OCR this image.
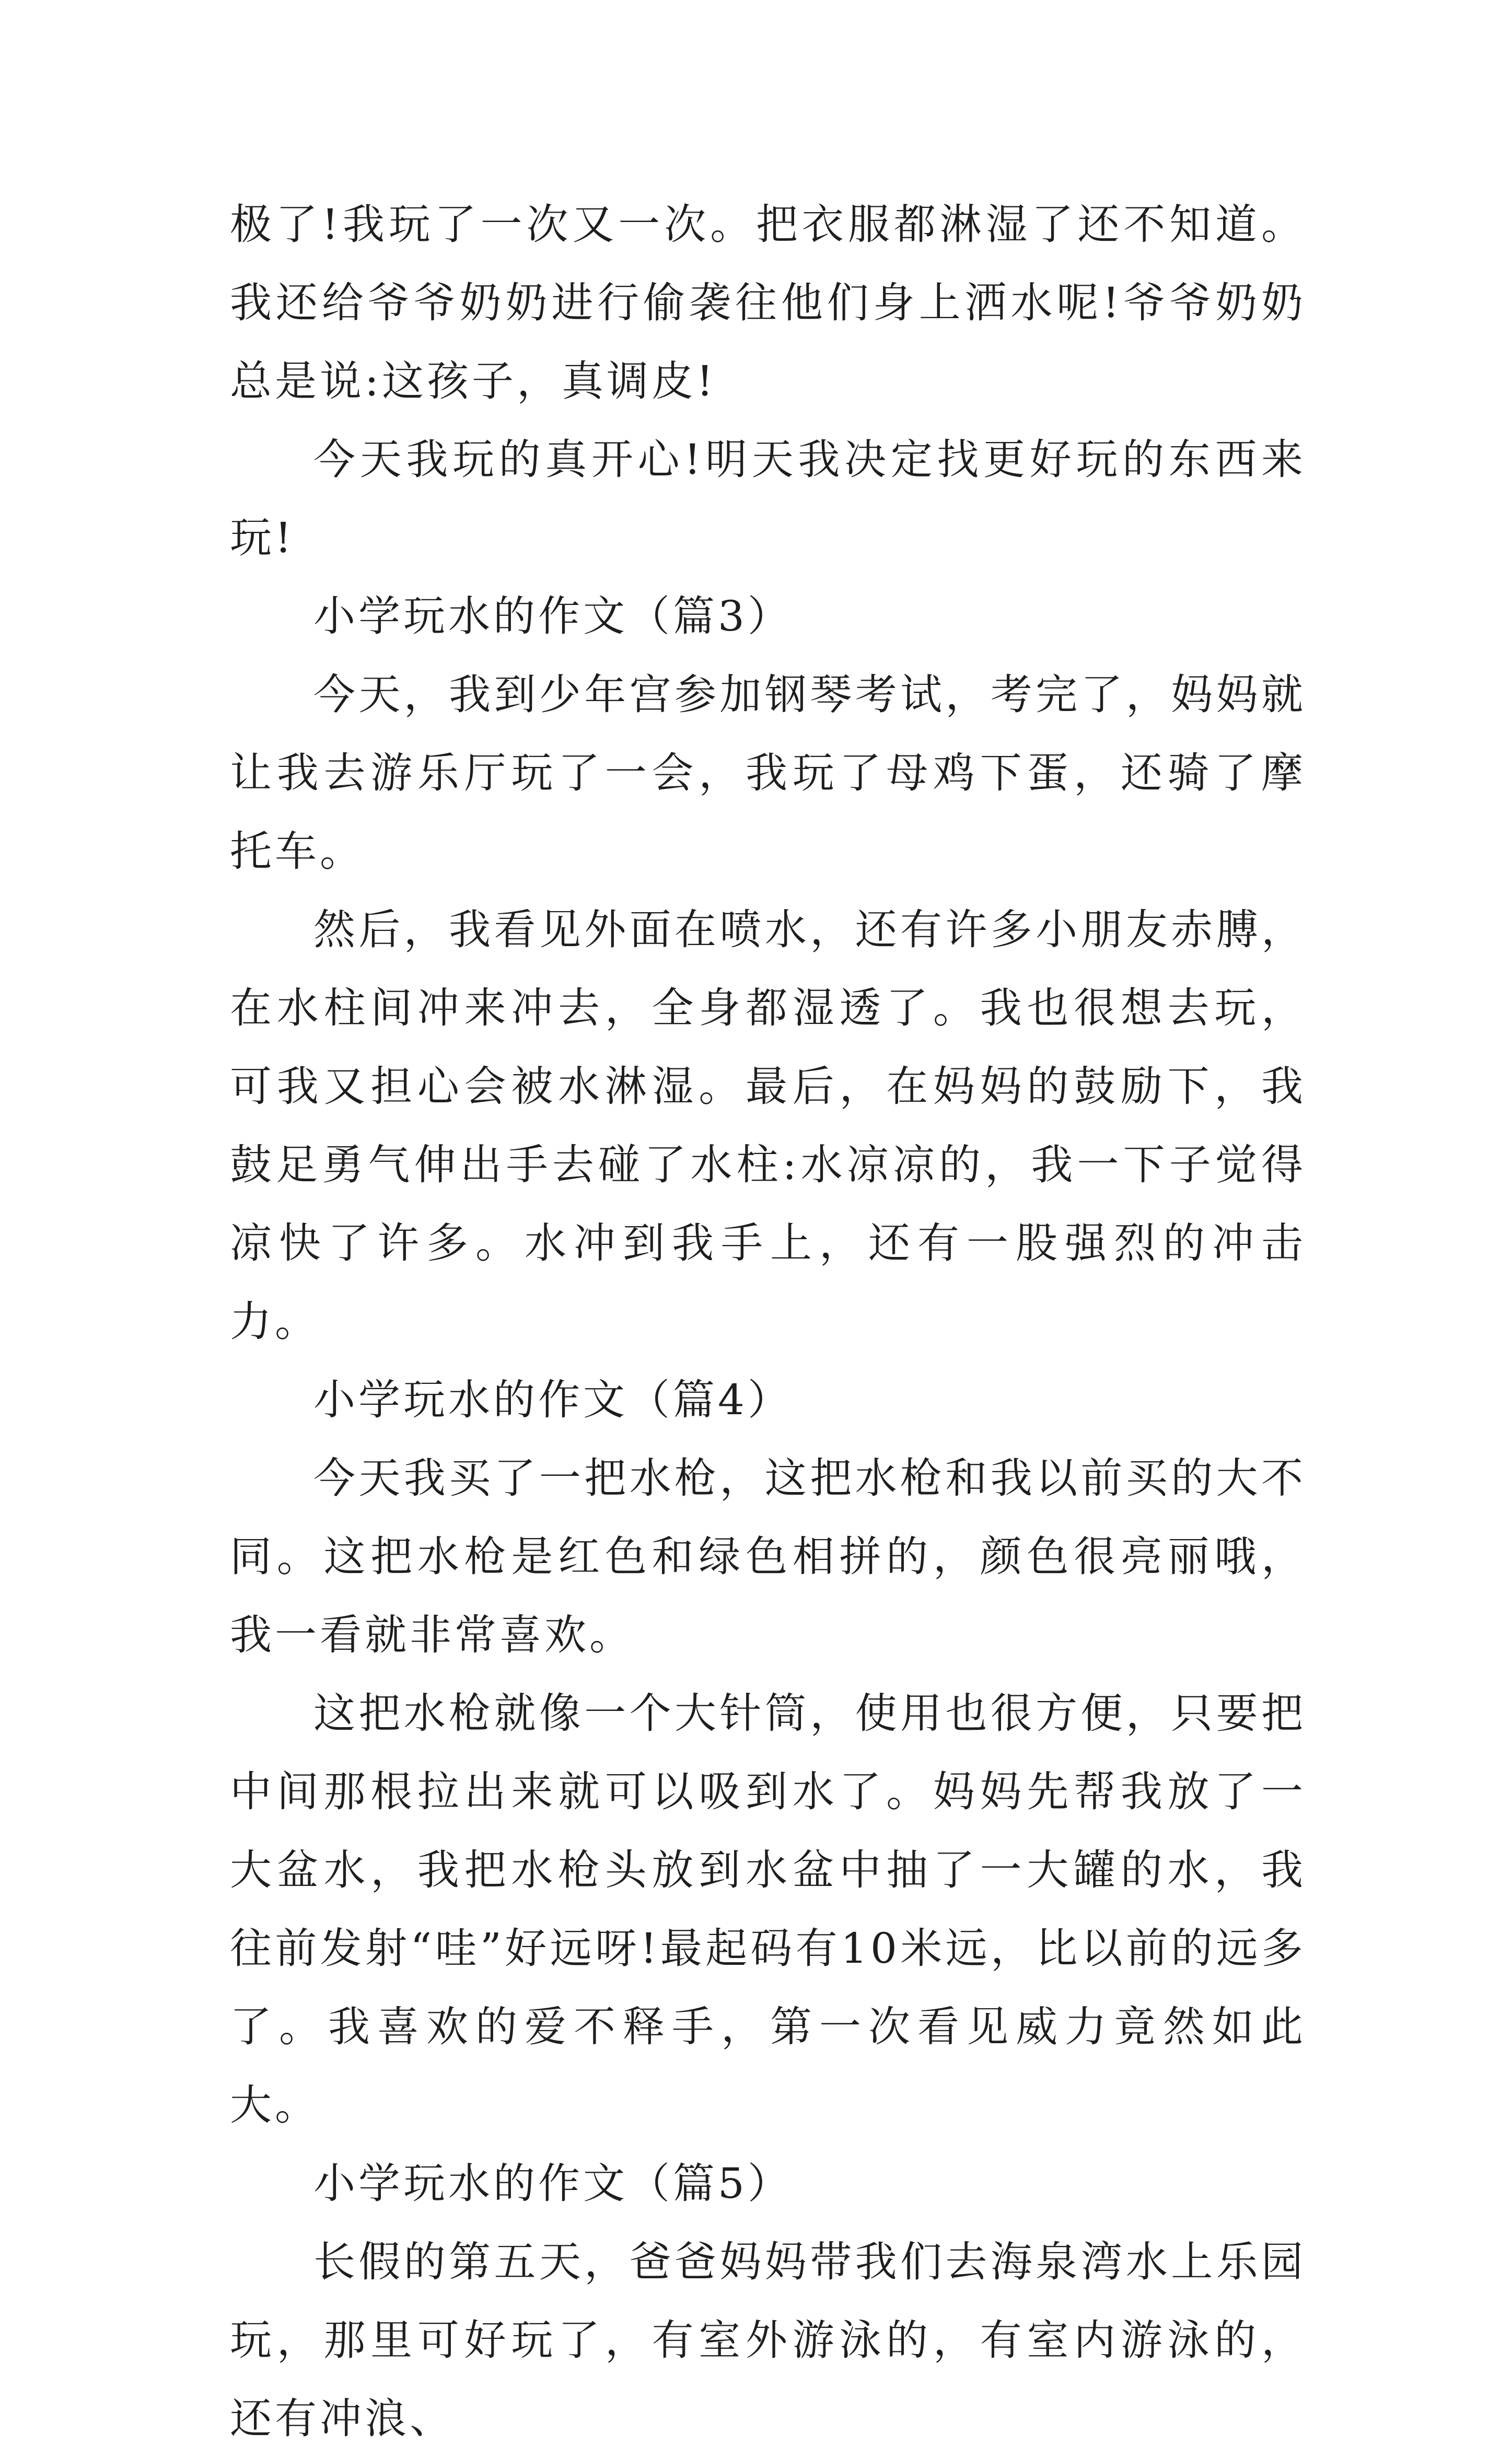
极了!我玩了一次又一次。把衣服都淋湿了还不知道。我还给爷爷奶奶进行偷袭往他们身上洒水呢!爷爷奶奶总是说:这孩子，真调皮!

今天我玩的真开心!明天我决定找更好玩的东西来玩!

小学玩水的作文（篇3）

今天，我到少年宫参加钢琴考试，考完了，妈妈就让我去游乐厅玩了一会，我玩了母鸡下蛋，还骑了摩托车。

然后，我看见外面在喷水，还有许多小朋友赤膊，在水柱间冲来冲去，全身都湿透了。我也很想去玩，可我又担心会被水淋湿。最后，在妈妈的鼓励下，我鼓足勇气伸出手去碰了水柱:水凉凉的，我一下子觉得凉快了许多。水冲到我手上，还有一股强烈的冲击力。

小学玩水的作文（篇4）

今天我买了一把水枪，这把水枪和我以前买的大不同。这把水枪是红色和绿色相拼的，颜色很亮丽哦，我一看就非常喜欢。

这把水枪就像一个大针筒，使用也很方便，只要把中间那根拉出来就可以吸到水了。妈妈先帮我放了一大盆水，我把水枪头放到水盆中抽了一大罐的水，我往前发射“哇”好远呀!最起码有10米远，比以前的远多了。我喜欢的爱不释手，第一次看见威力竟然如此大。

小学玩水的作文（篇5）

长假的第五天，爸爸妈妈带我们去海泉湾水上乐园玩，那里可好玩了，有室外游泳的，有室内游泳的，还有冲浪、
